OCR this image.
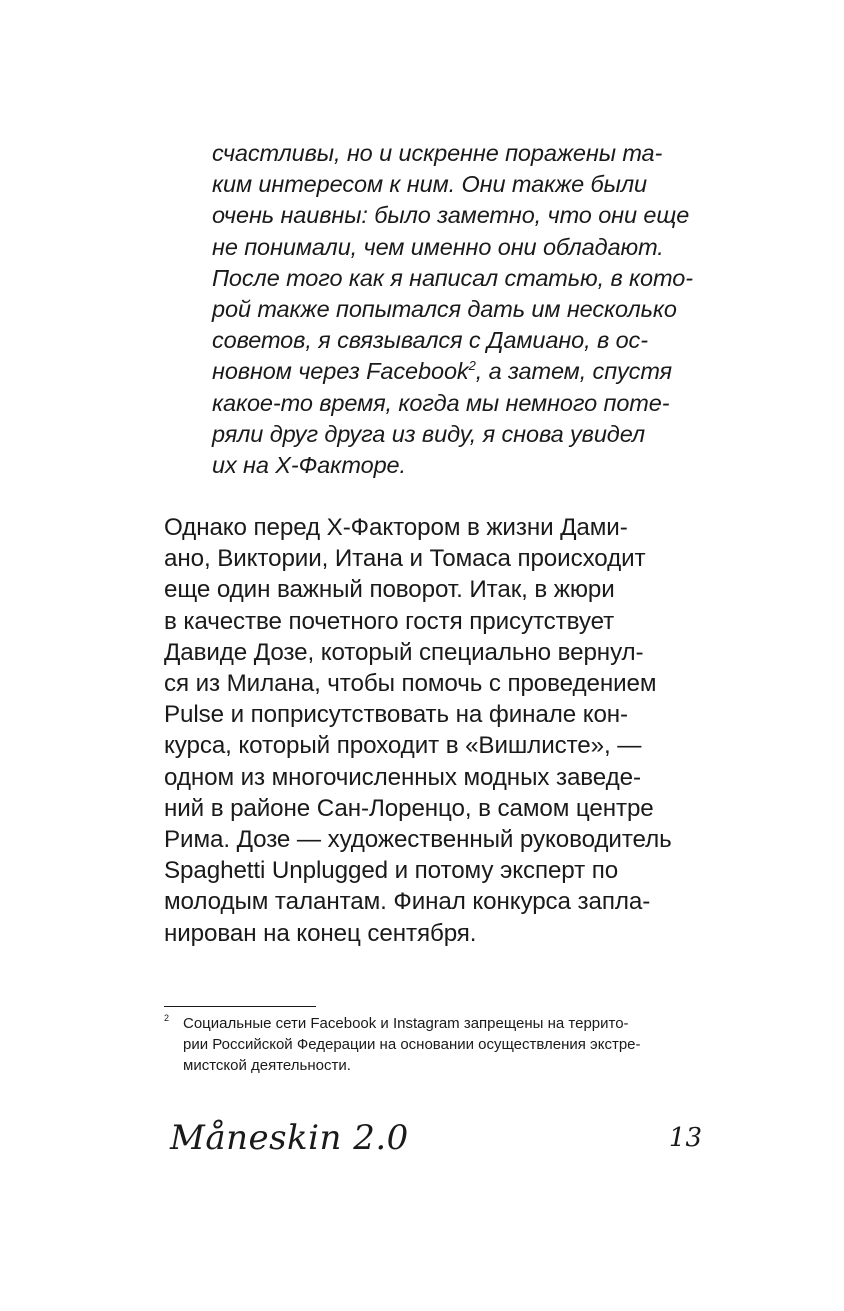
счастливы, но и искренне поражены та-
ким интересом к ним. Они также были
очень наивны: было заметно, что они еще
не понимали, чем именно они обладают.
После того как я написал статью, в кото-
рой также попытался дать им несколько
советов, я связывался с Дамиано, в ос-
новном через Facebook$^2$, а затем, спустя
какое-то время, когда мы немного поте-
ряли друг друга из виду, я снова увидел
их на Х-Факторе.
Однако перед Х-Фактором в жизни Дами-
ано, Виктории, Итана и Томаса происходит
еще один важный поворот. Итак, в жюри
в качестве почетного гостя присутствует
Давиде Дозе, который специально вернул-
ся из Милана, чтобы помочь с проведением
Pulse и поприсутствовать на финале кон-
курса, который проходит в «Вишлисте», —
одном из многочисленных модных заведе-
ний в районе Сан-Лоренцо, в самом центре
Рима. Дозе — художественный руководитель
Spaghetti Unplugged и потому эксперт по
молодым талантам. Финал конкурса запла-
нирован на конец сентября.
2 Социальные сети Facebook и Instagram запрещены на террито-
рии Российской Федерации на основании осуществления экстре-
мистской деятельности.
Måneskin 2.0	13
